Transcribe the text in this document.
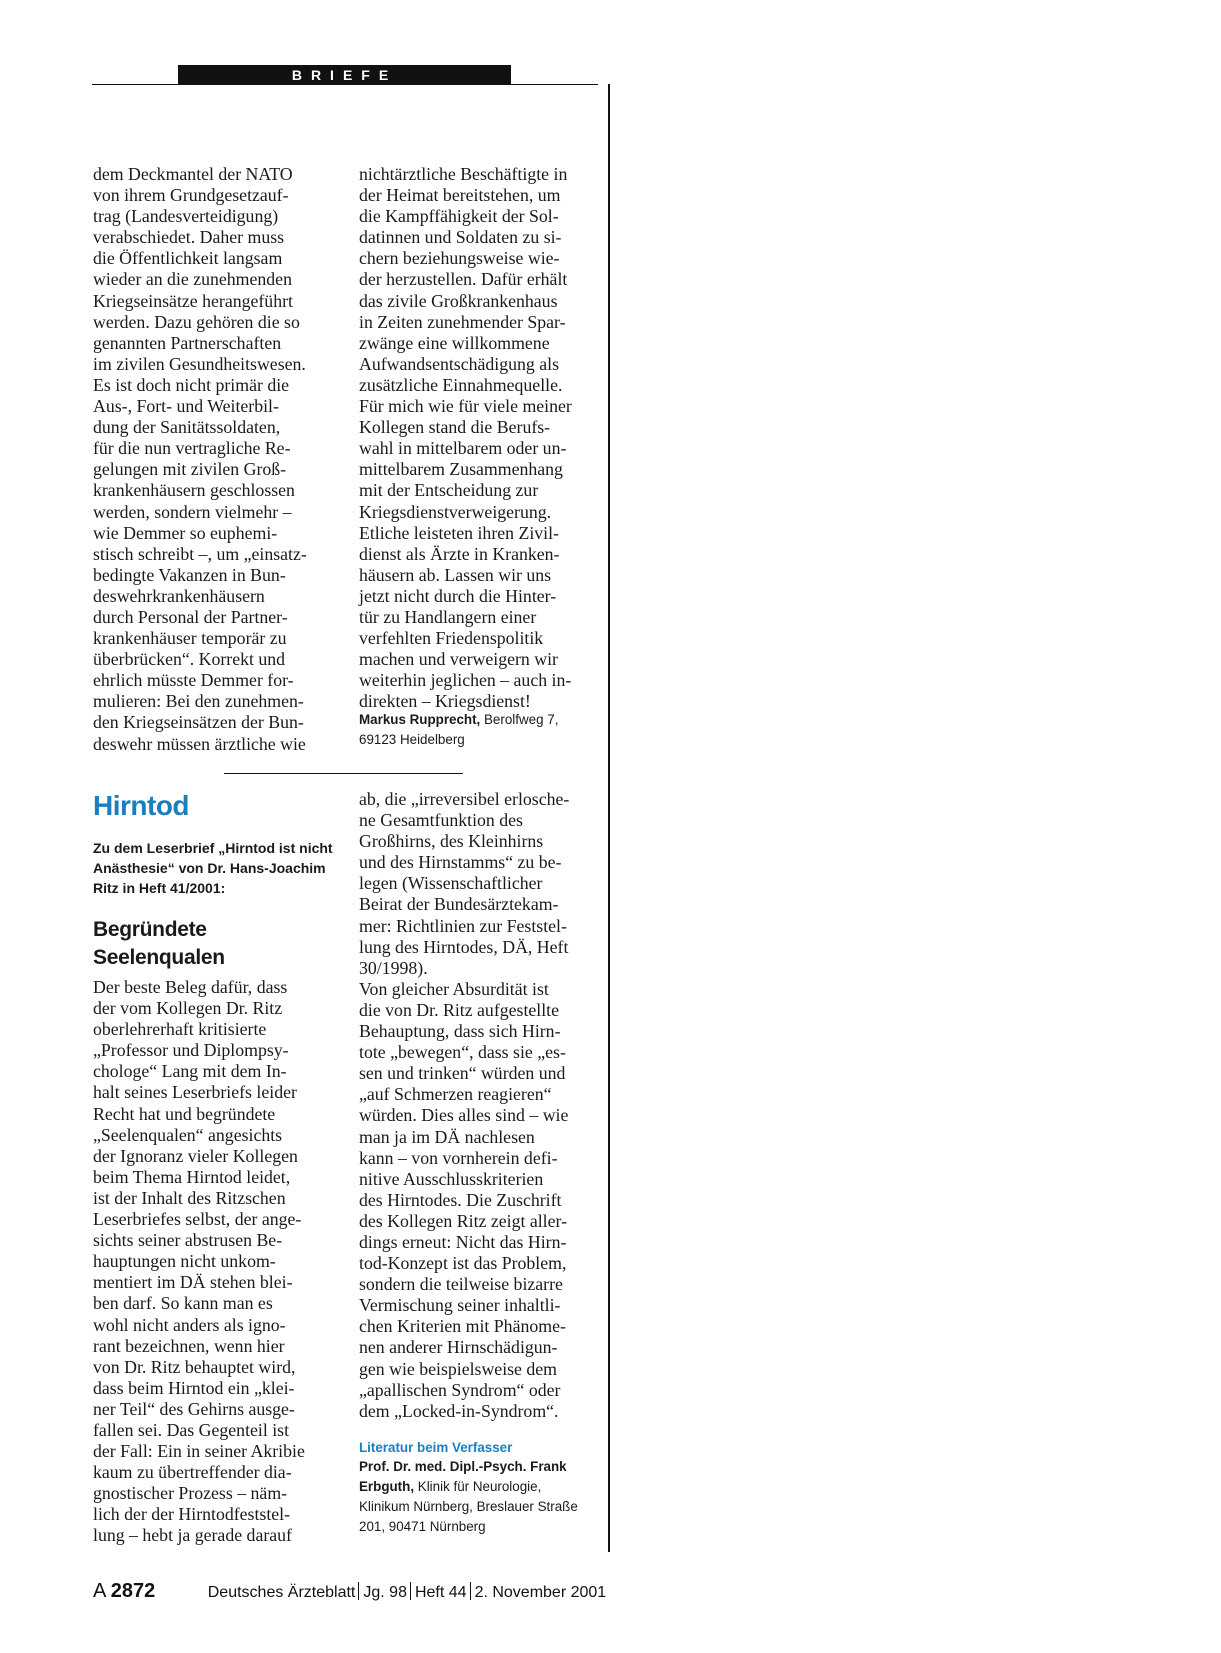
BRIEFE
dem Deckmantel der NATO
von ihrem Grundgesetzauf-
trag (Landesverteidigung)
verabschiedet. Daher muss
die Öffentlichkeit langsam
wieder an die zunehmenden
Kriegseinsätze herangeführt
werden. Dazu gehören die so
genannten Partnerschaften
im zivilen Gesundheitswesen.
Es ist doch nicht primär die
Aus-, Fort- und Weiterbil-
dung der Sanitätssoldaten,
für die nun vertragliche Re-
gelungen mit zivilen Groß-
krankenhäusern geschlossen
werden, sondern vielmehr –
wie Demmer so euphemi-
stisch schreibt –, um „einsatz-
bedingte Vakanzen in Bun-
deswehrkrankenhäusern
durch Personal der Partner-
krankenhäuser temporär zu
überbrücken“. Korrekt und
ehrlich müsste Demmer for-
mulieren: Bei den zunehmen-
den Kriegseinsätzen der Bun-
deswehr müssen ärztliche wie
nichtärztliche Beschäftigte in
der Heimat bereitstehen, um
die Kampffähigkeit der Sol-
datinnen und Soldaten zu si-
chern beziehungsweise wie-
der herzustellen. Dafür erhält
das zivile Großkrankenhaus
in Zeiten zunehmender Spar-
zwänge eine willkommene
Aufwandsentschädigung als
zusätzliche Einnahmequelle.
Für mich wie für viele meiner
Kollegen stand die Berufs-
wahl in mittelbarem oder un-
mittelbarem Zusammenhang
mit der Entscheidung zur
Kriegsdienstverweigerung.
Etliche leisteten ihren Zivil-
dienst als Ärzte in Kranken-
häusern ab. Lassen wir uns
jetzt nicht durch die Hinter-
tür zu Handlangern einer
verfehlten Friedenspolitik
machen und verweigern wir
weiterhin jeglichen – auch in-
direkten – Kriegsdienst!
Markus Rupprecht, Berolfweg 7,
69123 Heidelberg
Hirntod
Zu dem Leserbrief „Hirntod ist nicht
Anästhesie“ von Dr. Hans-Joachim
Ritz in Heft 41/2001:
Begründete
Seelenqualen
Der beste Beleg dafür, dass
der vom Kollegen Dr. Ritz
oberlehrerhaft kritisierte
„Professor und Diplompsy-
chologe“ Lang mit dem In-
halt seines Leserbriefs leider
Recht hat und begründete
„Seelenqualen“ angesichts
der Ignoranz vieler Kollegen
beim Thema Hirntod leidet,
ist der Inhalt des Ritzschen
Leserbriefes selbst, der ange-
sichts seiner abstrusen Be-
hauptungen nicht unkom-
mentiert im DÄ stehen blei-
ben darf. So kann man es
wohl nicht anders als igno-
rant bezeichnen, wenn hier
von Dr. Ritz behauptet wird,
dass beim Hirntod ein „klei-
ner Teil“ des Gehirns ausge-
fallen sei. Das Gegenteil ist
der Fall: Ein in seiner Akribie
kaum zu übertreffender dia-
gnostischer Prozess – näm-
lich der der Hirntodfeststel-
lung – hebt ja gerade darauf
ab, die „irreversibel erlosche-
ne Gesamtfunktion des
Großhirns, des Kleinhirns
und des Hirnstamms“ zu be-
legen (Wissenschaftlicher
Beirat der Bundesärztekam-
mer: Richtlinien zur Feststel-
lung des Hirntodes, DÄ, Heft
30/1998).
Von gleicher Absurdität ist
die von Dr. Ritz aufgestellte
Behauptung, dass sich Hirn-
tote „bewegen“, dass sie „es-
sen und trinken“ würden und
„auf Schmerzen reagieren“
würden. Dies alles sind – wie
man ja im DÄ nachlesen
kann – von vornherein defi-
nitive Ausschlusskriterien
des Hirntodes. Die Zuschrift
des Kollegen Ritz zeigt aller-
dings erneut: Nicht das Hirn-
tod-Konzept ist das Problem,
sondern die teilweise bizarre
Vermischung seiner inhaltli-
chen Kriterien mit Phänome-
nen anderer Hirnschädigun-
gen wie beispielsweise dem
„apallischen Syndrom“ oder
dem „Locked-in-Syndrom“.
Literatur beim Verfasser
Prof. Dr. med. Dipl.-Psych. Frank
Erbguth, Klinik für Neurologie,
Klinikum Nürnberg, Breslauer Straße
201, 90471 Nürnberg
A 2872	Deutsches Ärzteblatt Jg. 98 Heft 44 2. November 2001
